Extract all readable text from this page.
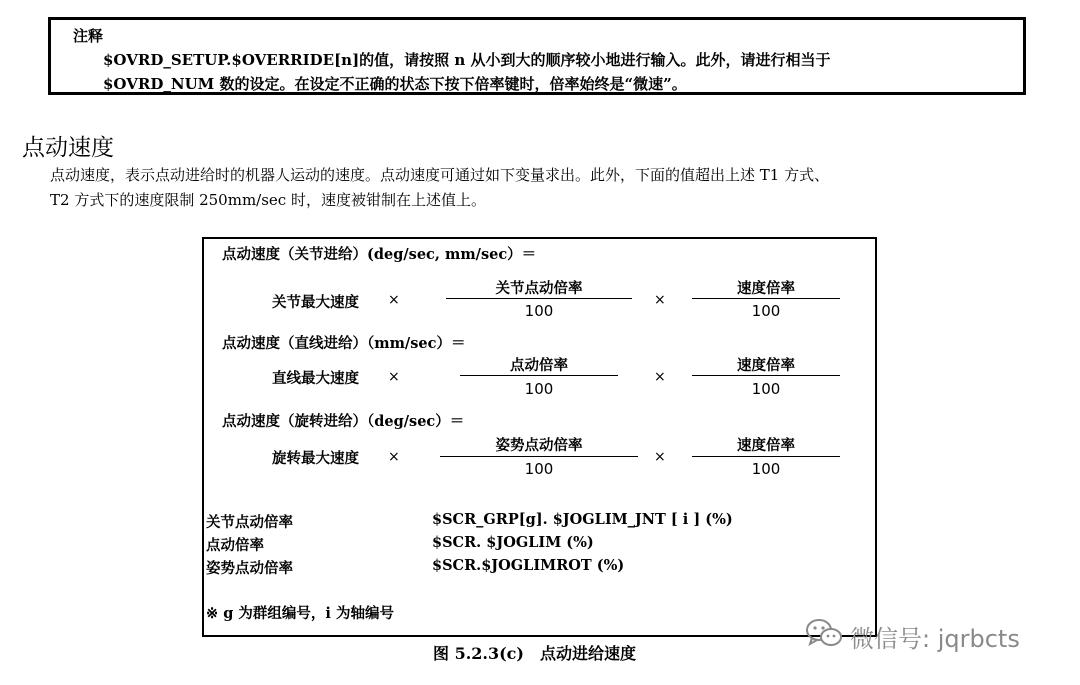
注释
$OVRD_SETUP.$OVERRIDE[n]的值，请按照 n 从小到大的顺序较小地进行输入。此外，请进行相当于
$OVRD_NUM 数的设定。在设定不正确的状态下按下倍率键时，倍率始终是“微速”。
点动速度
点动速度，表示点动进给时的机器人运动的速度。点动速度可通过如下变量求出。此外，下面的值超出上述 T1 方式、
T2 方式下的速度限制 250mm/sec 时，速度被钳制在上述值上。
点动速度（关节进给）(deg/sec, mm/sec）＝
关节最大速度 ×
关节点动倍率
100
×
速度倍率
100
点动速度（直线进给）（mm/sec）＝
直线最大速度 ×
点动倍率
100
×
速度倍率
100
点动速度（旋转进给）（deg/sec）＝
旋转最大速度 ×
姿势点动倍率
100
×
速度倍率
100
关节点动倍率	$SCR_GRP[g]. $JOGLIM_JNT [ i ] (%)
点动倍率	$SCR. $JOGLIM (%)
姿势点动倍率	$SCR.$JOGLIMROT (%)
※ g 为群组编号，i 为轴编号
图 5.2.3(c)　点动进给速度
微信号: jqrbcts
